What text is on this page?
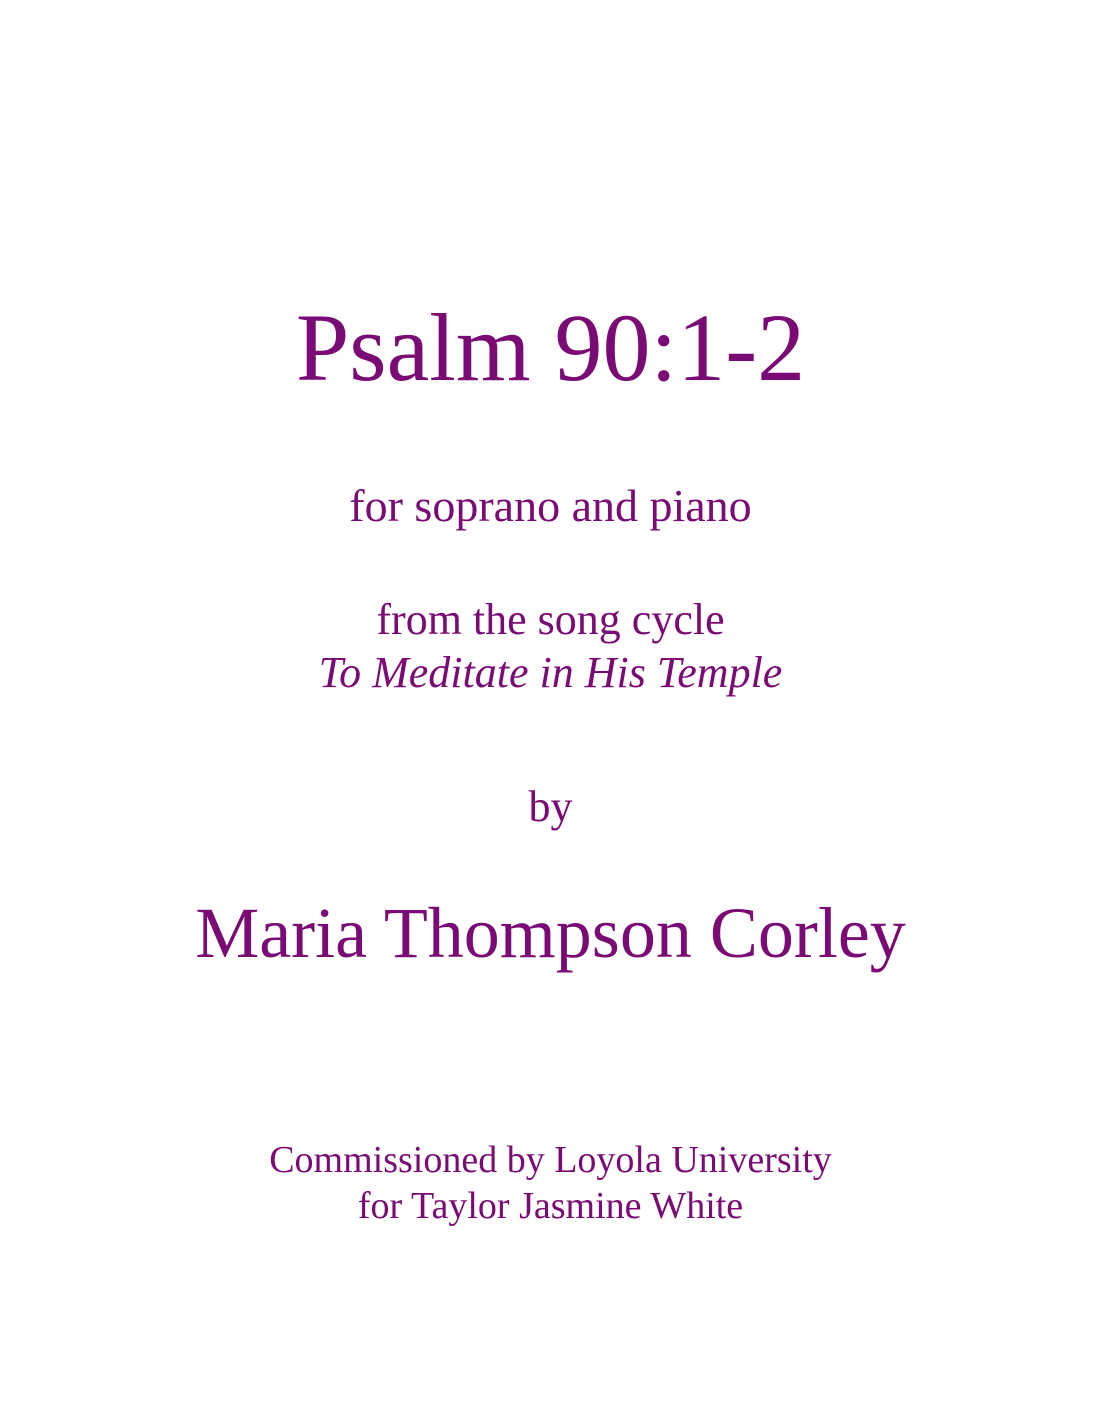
Psalm 90:1-2
for soprano and piano
from the song cycle
To Meditate in His Temple
by
Maria Thompson Corley
Commissioned by Loyola University
for Taylor Jasmine White
